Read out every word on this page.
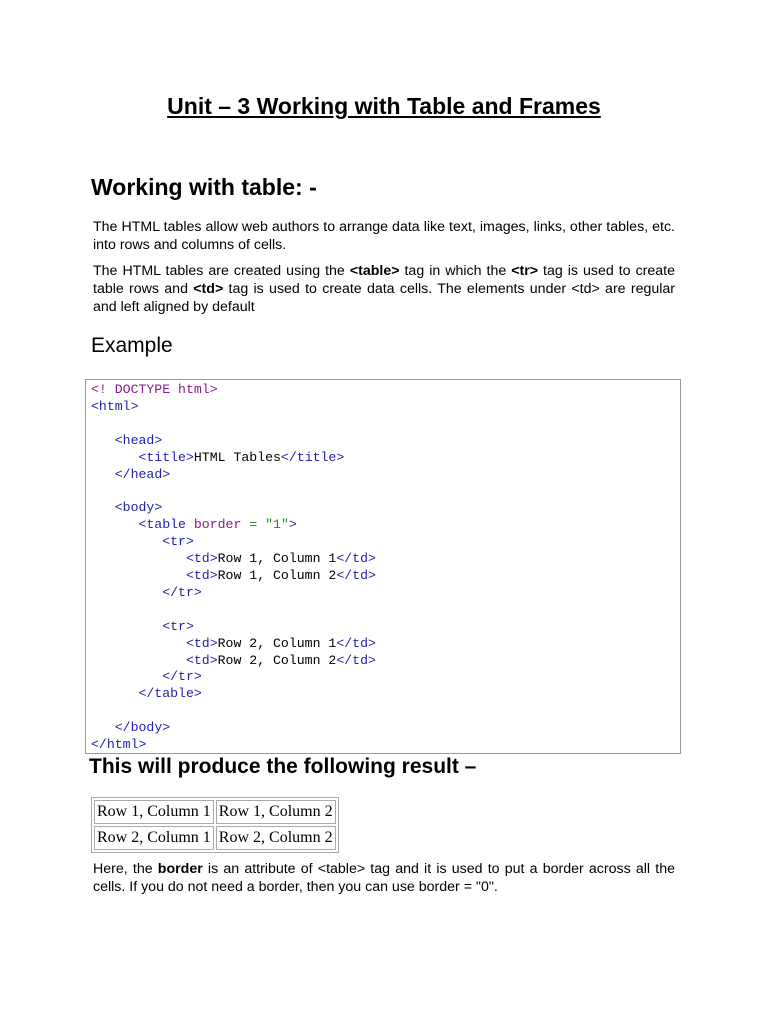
Unit – 3 Working with Table and Frames
Working with table: -

The HTML tables allow web authors to arrange data like text, images, links, other tables, etc. into rows and columns of cells.

The HTML tables are created using the <table> tag in which the <tr> tag is used to create table rows and <td> tag is used to create data cells. The elements under <td> are regular and left aligned by default

Example
<! DOCTYPE html>
<html>

<head>
<title>HTML Tables</title>
</head>

<body>
<table border = "1">
<tr>
<td>Row 1, Column 1</td>
<td>Row 1, Column 2</td>
</tr>

<tr>
<td>Row 2, Column 1</td>
<td>Row 2, Column 2</td>
</tr>
</table>

</body>
</html>
This will produce the following result –
Row 1, Column 1	Row 1, Column 2
Row 2, Column 1	Row 2, Column 2

Here, the border is an attribute of <table> tag and it is used to put a border across all the cells. If you do not need a border, then you can use border = "0".
